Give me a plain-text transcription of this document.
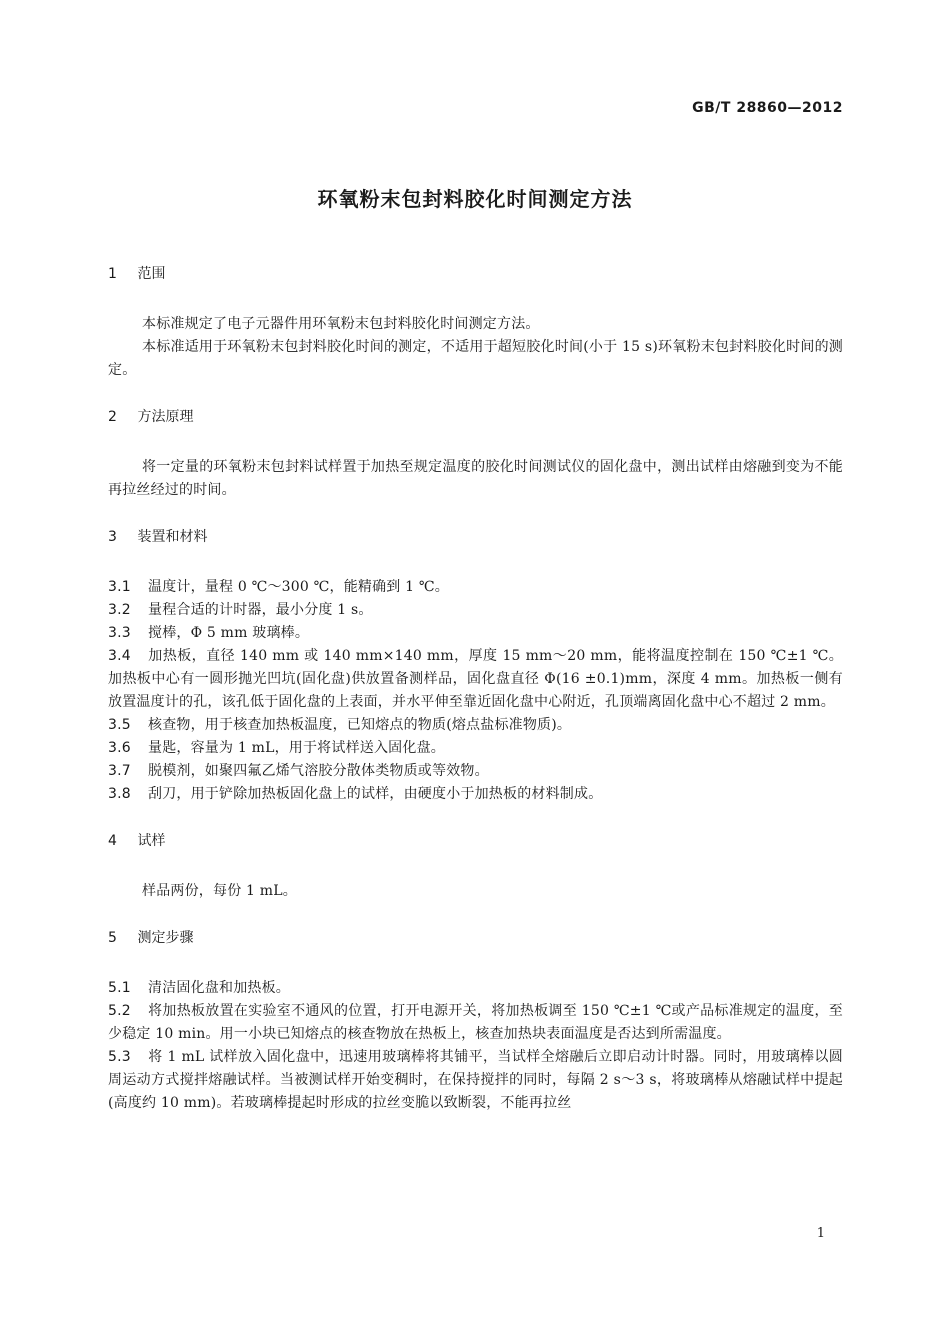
GB/T 28860—2012
环氧粉末包封料胶化时间测定方法
1 范围

本标准规定了电子元器件用环氧粉末包封料胶化时间测定方法。

本标准适用于环氧粉末包封料胶化时间的测定，不适用于超短胶化时间(小于 15 s)环氧粉末包封料胶化时间的测定。

2 方法原理

将一定量的环氧粉末包封料试样置于加热至规定温度的胶化时间测试仪的固化盘中，测出试样由熔融到变为不能再拉丝经过的时间。

3 装置和材料

3.1 温度计，量程 0 ℃～300 ℃，能精确到 1 ℃。

3.2 量程合适的计时器，最小分度 1 s。

3.3 搅棒，Φ 5 mm 玻璃棒。

3.4 加热板，直径 140 mm 或 140 mm×140 mm，厚度 15 mm～20 mm，能将温度控制在 150 ℃±1 ℃。加热板中心有一圆形抛光凹坑(固化盘)供放置备测样品，固化盘直径 Φ(16 ±0.1)mm，深度 4 mm。加热板一侧有放置温度计的孔，该孔低于固化盘的上表面，并水平伸至靠近固化盘中心附近，孔顶端离固化盘中心不超过 2 mm。

3.5 核查物，用于核查加热板温度，已知熔点的物质(熔点盐标准物质)。

3.6 量匙，容量为 1 mL，用于将试样送入固化盘。

3.7 脱模剂，如聚四氟乙烯气溶胶分散体类物质或等效物。

3.8 刮刀，用于铲除加热板固化盘上的试样，由硬度小于加热板的材料制成。

4 试样

样品两份，每份 1 mL。

5 测定步骤

5.1 清洁固化盘和加热板。

5.2 将加热板放置在实验室不通风的位置，打开电源开关，将加热板调至 150 ℃±1 ℃或产品标准规定的温度，至少稳定 10 min。用一小块已知熔点的核查物放在热板上，核查加热块表面温度是否达到所需温度。

5.3 将 1 mL 试样放入固化盘中，迅速用玻璃棒将其铺平，当试样全熔融后立即启动计时器。同时，用玻璃棒以圆周运动方式搅拌熔融试样。当被测试样开始变稠时，在保持搅拌的同时，每隔 2 s～3 s，将玻璃棒从熔融试样中提起(高度约 10 mm)。若玻璃棒提起时形成的拉丝变脆以致断裂，不能再拉丝

1
